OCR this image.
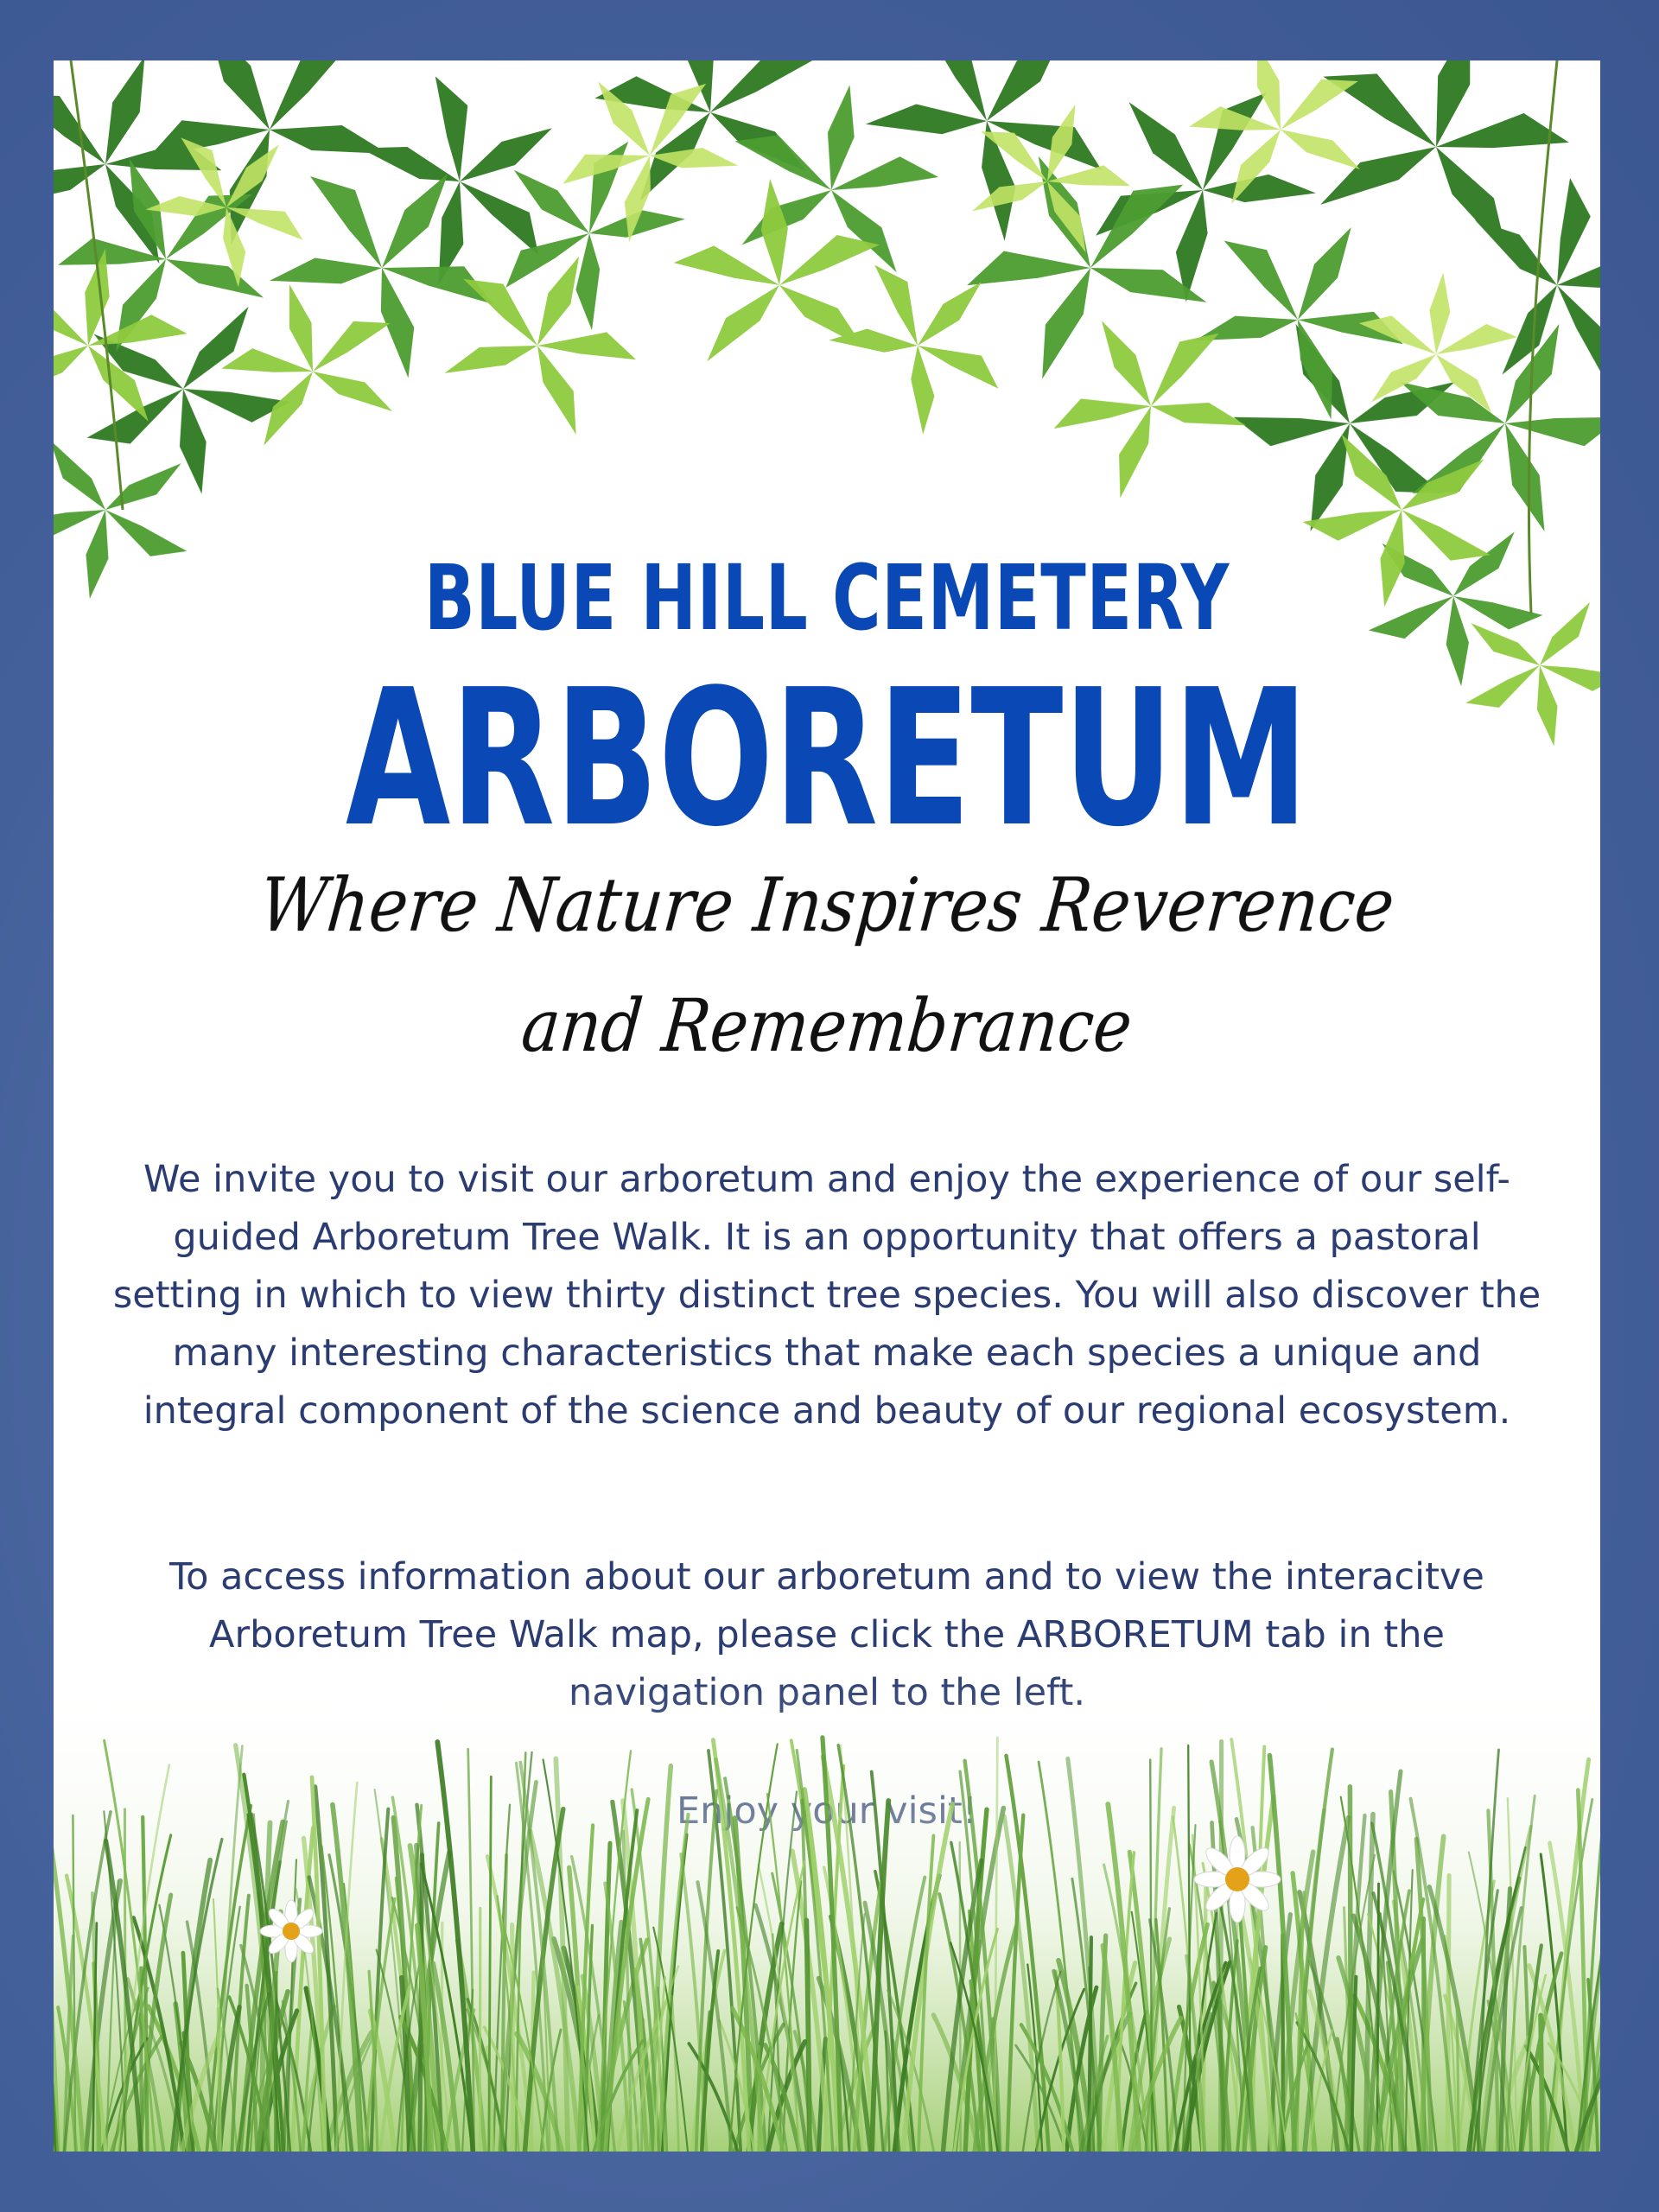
BLUE HILL CEMETERY
ARBORETUM
Where Nature Inspires Reverence
and Remembrance

We invite you to visit our arboretum and enjoy the experience of our self-guided Arboretum Tree Walk. It is an opportunity that offers a pastoral setting in which to view thirty distinct tree species. You will also discover the many interesting characteristics that make each species a unique and integral component of the science and beauty of our regional ecosystem.

To access information about our arboretum and to view the interacitve Arboretum Tree Walk map, please click the ARBORETUM tab in the
